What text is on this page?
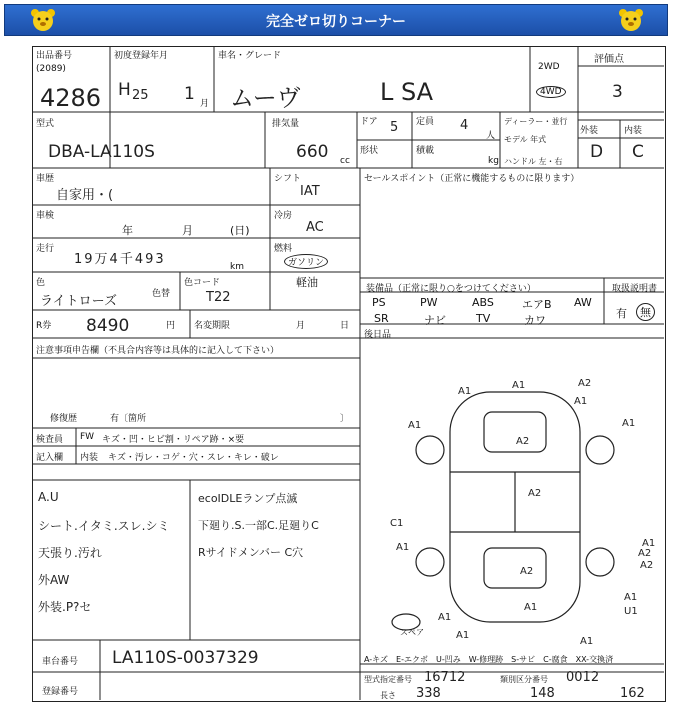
完全ゼロ切りコーナー
出品番号
(2089)
4286
初度登録年月
H 25 1 月
車名・グレード
ムーヴ	L SA
2WD
4WD
評価点
3
型式
DBA-LA110S
排気量
660 cc
ドア 5 定員 4
人
形状	積載
kg
ディーラー・並行
モデル 年式
ハンドル 左・右
外装	内装
D C
車歴
自家用・(
シフト
IAT
車検
年	月	(日)
冷房
AC
走行
19万4千493	km
燃料
ガソリン
軽油
色
ライトローズ	色替
色コード
T22
R券 8490	円 名変期限	月	日
セールスポイント（正常に機能するものに限ります）
装備品（正常に限り○をつけてください）	取扱説明書
有	無
PS	PW	ABS	エアB AW
SR	ナビ	TV	カワ
後日品
注意事項申告欄（不具合内容等は具体的に記入して下さい）
修復歴	有〔箇所	〕
検査員 FW キズ・凹・ヒビ割・リペア跡・×要
記入欄 内装 キズ・汚レ・コゲ・穴・スレ・キレ・破レ
A.U
シート.イタミ.スレ.シミ
天張り.汚れ
外AW
外装.P?セ
ecoIDLEランプ点滅
下廻り.S.一部C.足廻りC
Rサイドメンバー C穴
A1
A1	A2
A1	A1
A1
A2
A2
A2
C1
A1	A1
A2
A2
A1
A1	U1
A1
A1
A1
スペア
車台番号 LA110S-0037329
登録番号
A-キズ　E-エクボ　U-凹み　W-修理跡　S-サビ　C-腐食　XX-交換済
型式指定番号 16712	類別区分番号 0012
長さ 338	148	162
